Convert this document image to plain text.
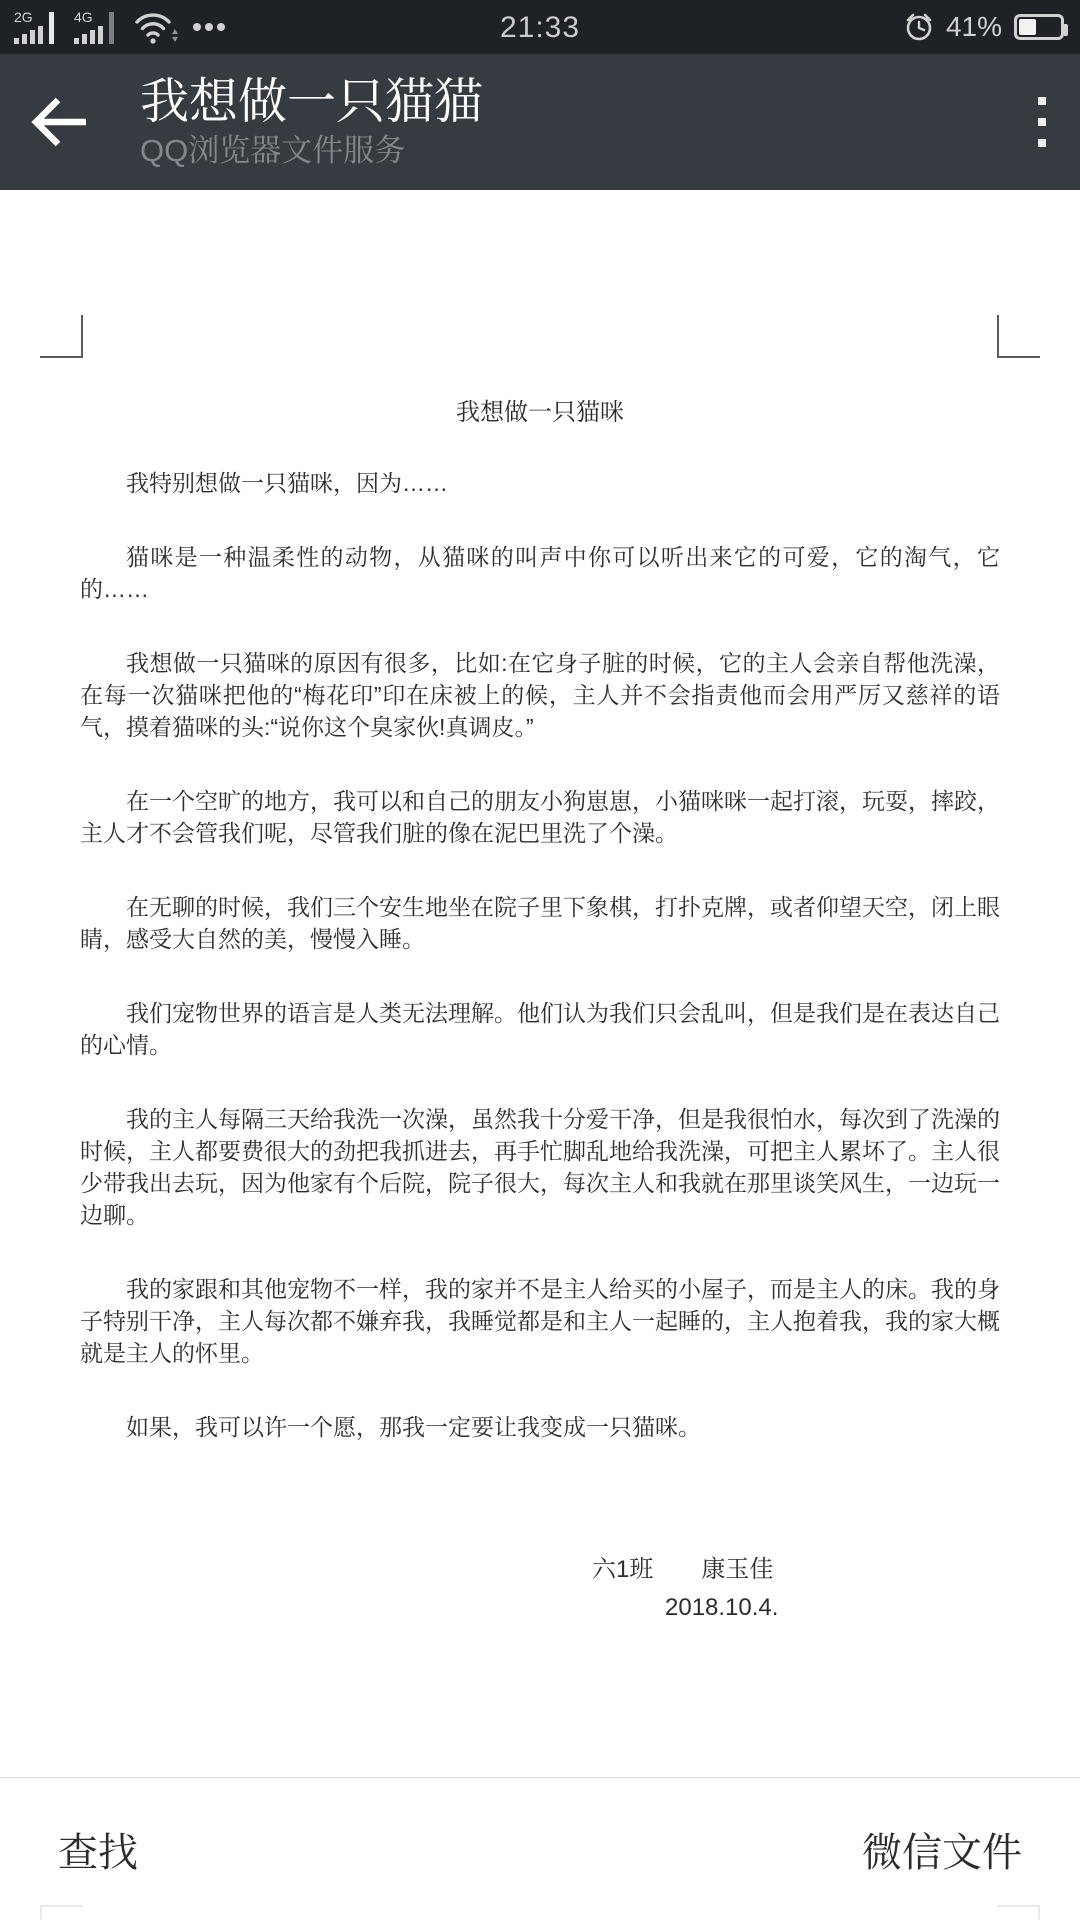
2G	4G	21:33	41%
我想做一只猫猫
QQ浏览器文件服务
我想做一只猫咪

我特别想做一只猫咪，因为……

猫咪是一种温柔性的动物，从猫咪的叫声中你可以听出来它的可爱，它的淘气，它的……

我想做一只猫咪的原因有很多，比如:在它身子脏的时候，它的主人会亲自帮他洗澡，在每一次猫咪把他的“梅花印”印在床被上的候，主人并不会指责他而会用严厉又慈祥的语气，摸着猫咪的头:“说你这个臭家伙!真调皮。”

在一个空旷的地方，我可以和自己的朋友小狗崽崽，小猫咪咪一起打滚，玩耍，摔跤，主人才不会管我们呢，尽管我们脏的像在泥巴里洗了个澡。

在无聊的时候，我们三个安生地坐在院子里下象棋，打扑克牌，或者仰望天空，闭上眼睛，感受大自然的美，慢慢入睡。

我们宠物世界的语言是人类无法理解。他们认为我们只会乱叫，但是我们是在表达自己的心情。

我的主人每隔三天给我洗一次澡，虽然我十分爱干净，但是我很怕水，每次到了洗澡的时候，主人都要费很大的劲把我抓进去，再手忙脚乱地给我洗澡，可把主人累坏了。主人很少带我出去玩，因为他家有个后院，院子很大，每次主人和我就在那里谈笑风生，一边玩一边聊。

我的家跟和其他宠物不一样，我的家并不是主人给买的小屋子，而是主人的床。我的身子特别干净，主人每次都不嫌弃我，我睡觉都是和主人一起睡的，主人抱着我，我的家大概就是主人的怀里。

如果，我可以许一个愿，那我一定要让我变成一只猫咪。

六1班　　康玉佳
2018.10.4.
查找	微信文件
